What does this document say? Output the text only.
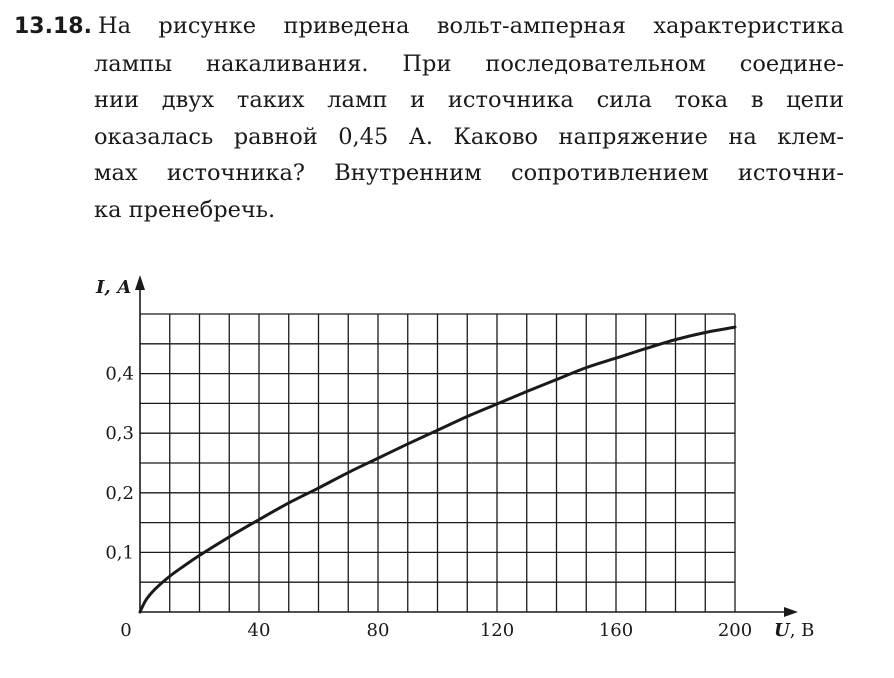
13.18. На рисунке приведена вольт-амперная характеристика
лампы накаливания. При последовательном соедине-
нии двух таких ламп и источника сила тока в цепи
оказалась равной 0,45 А. Каково напряжение на клем-
мах источника? Внутренним сопротивлением источни-
ка пренебречь.
0	40	80	120	160	200
0,1
0,2
0,3
0,4
I, А
U, В
